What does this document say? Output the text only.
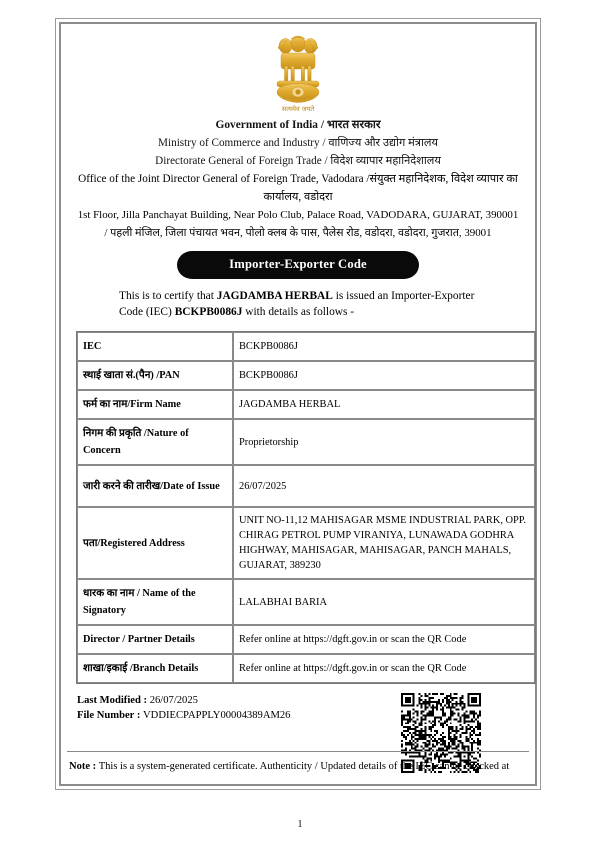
सत्यमेव जयते
Government of India / भारत सरकार
Ministry of Commerce and Industry / वाणिज्य और उद्योग मंत्रालय
Directorate General of Foreign Trade / विदेश व्यापार महानिदेशालय
Office of the Joint Director General of Foreign Trade, Vadodara /संयुक्त महानिदेशक, विदेश व्यापार का कार्यालय, वडोदरा
1st Floor, Jilla Panchayat Building, Near Polo Club, Palace Road, VADODARA, GUJARAT, 390001 / पहली मंजिल, जिला पंचायत भवन, पोलो क्लब के पास, पैलेस रोड, वडोदरा, वडोदरा, गुजरात, 39001
Importer-Exporter Code

This is to certify that JAGDAMBA HERBAL is issued an Importer-Exporter Code (IEC) BCKPB0086J with details as follows -

IEC	BCKPB0086J
स्थाई खाता सं.(पैन) /PAN	BCKPB0086J
फर्म का नाम/Firm Name	JAGDAMBA HERBAL
निगम की प्रकृति /Nature of Concern	Proprietorship
जारी करने की तारीख/Date of Issue	26/07/2025
पता/Registered Address	UNIT NO-11,12 MAHISAGAR MSME INDUSTRIAL PARK, OPP. CHIRAG PETROL PUMP VIRANIYA, LUNAWADA GODHRA HIGHWAY, MAHISAGAR, MAHISAGAR, PANCH MAHALS, GUJARAT, 389230
धारक का नाम / Name of the Signatory	LALABHAI BARIA
Director / Partner Details	Refer online at https://dgft.gov.in or scan the QR Code
शाखा/इकाई /Branch Details	Refer online at https://dgft.gov.in or scan the QR Code
Last Modified : 26/07/2025
File Number : VDDIECPAPPLY00004389AM26
Note : This is a system-generated certificate. Authenticity / Updated details of the IEC can be checked at
1
